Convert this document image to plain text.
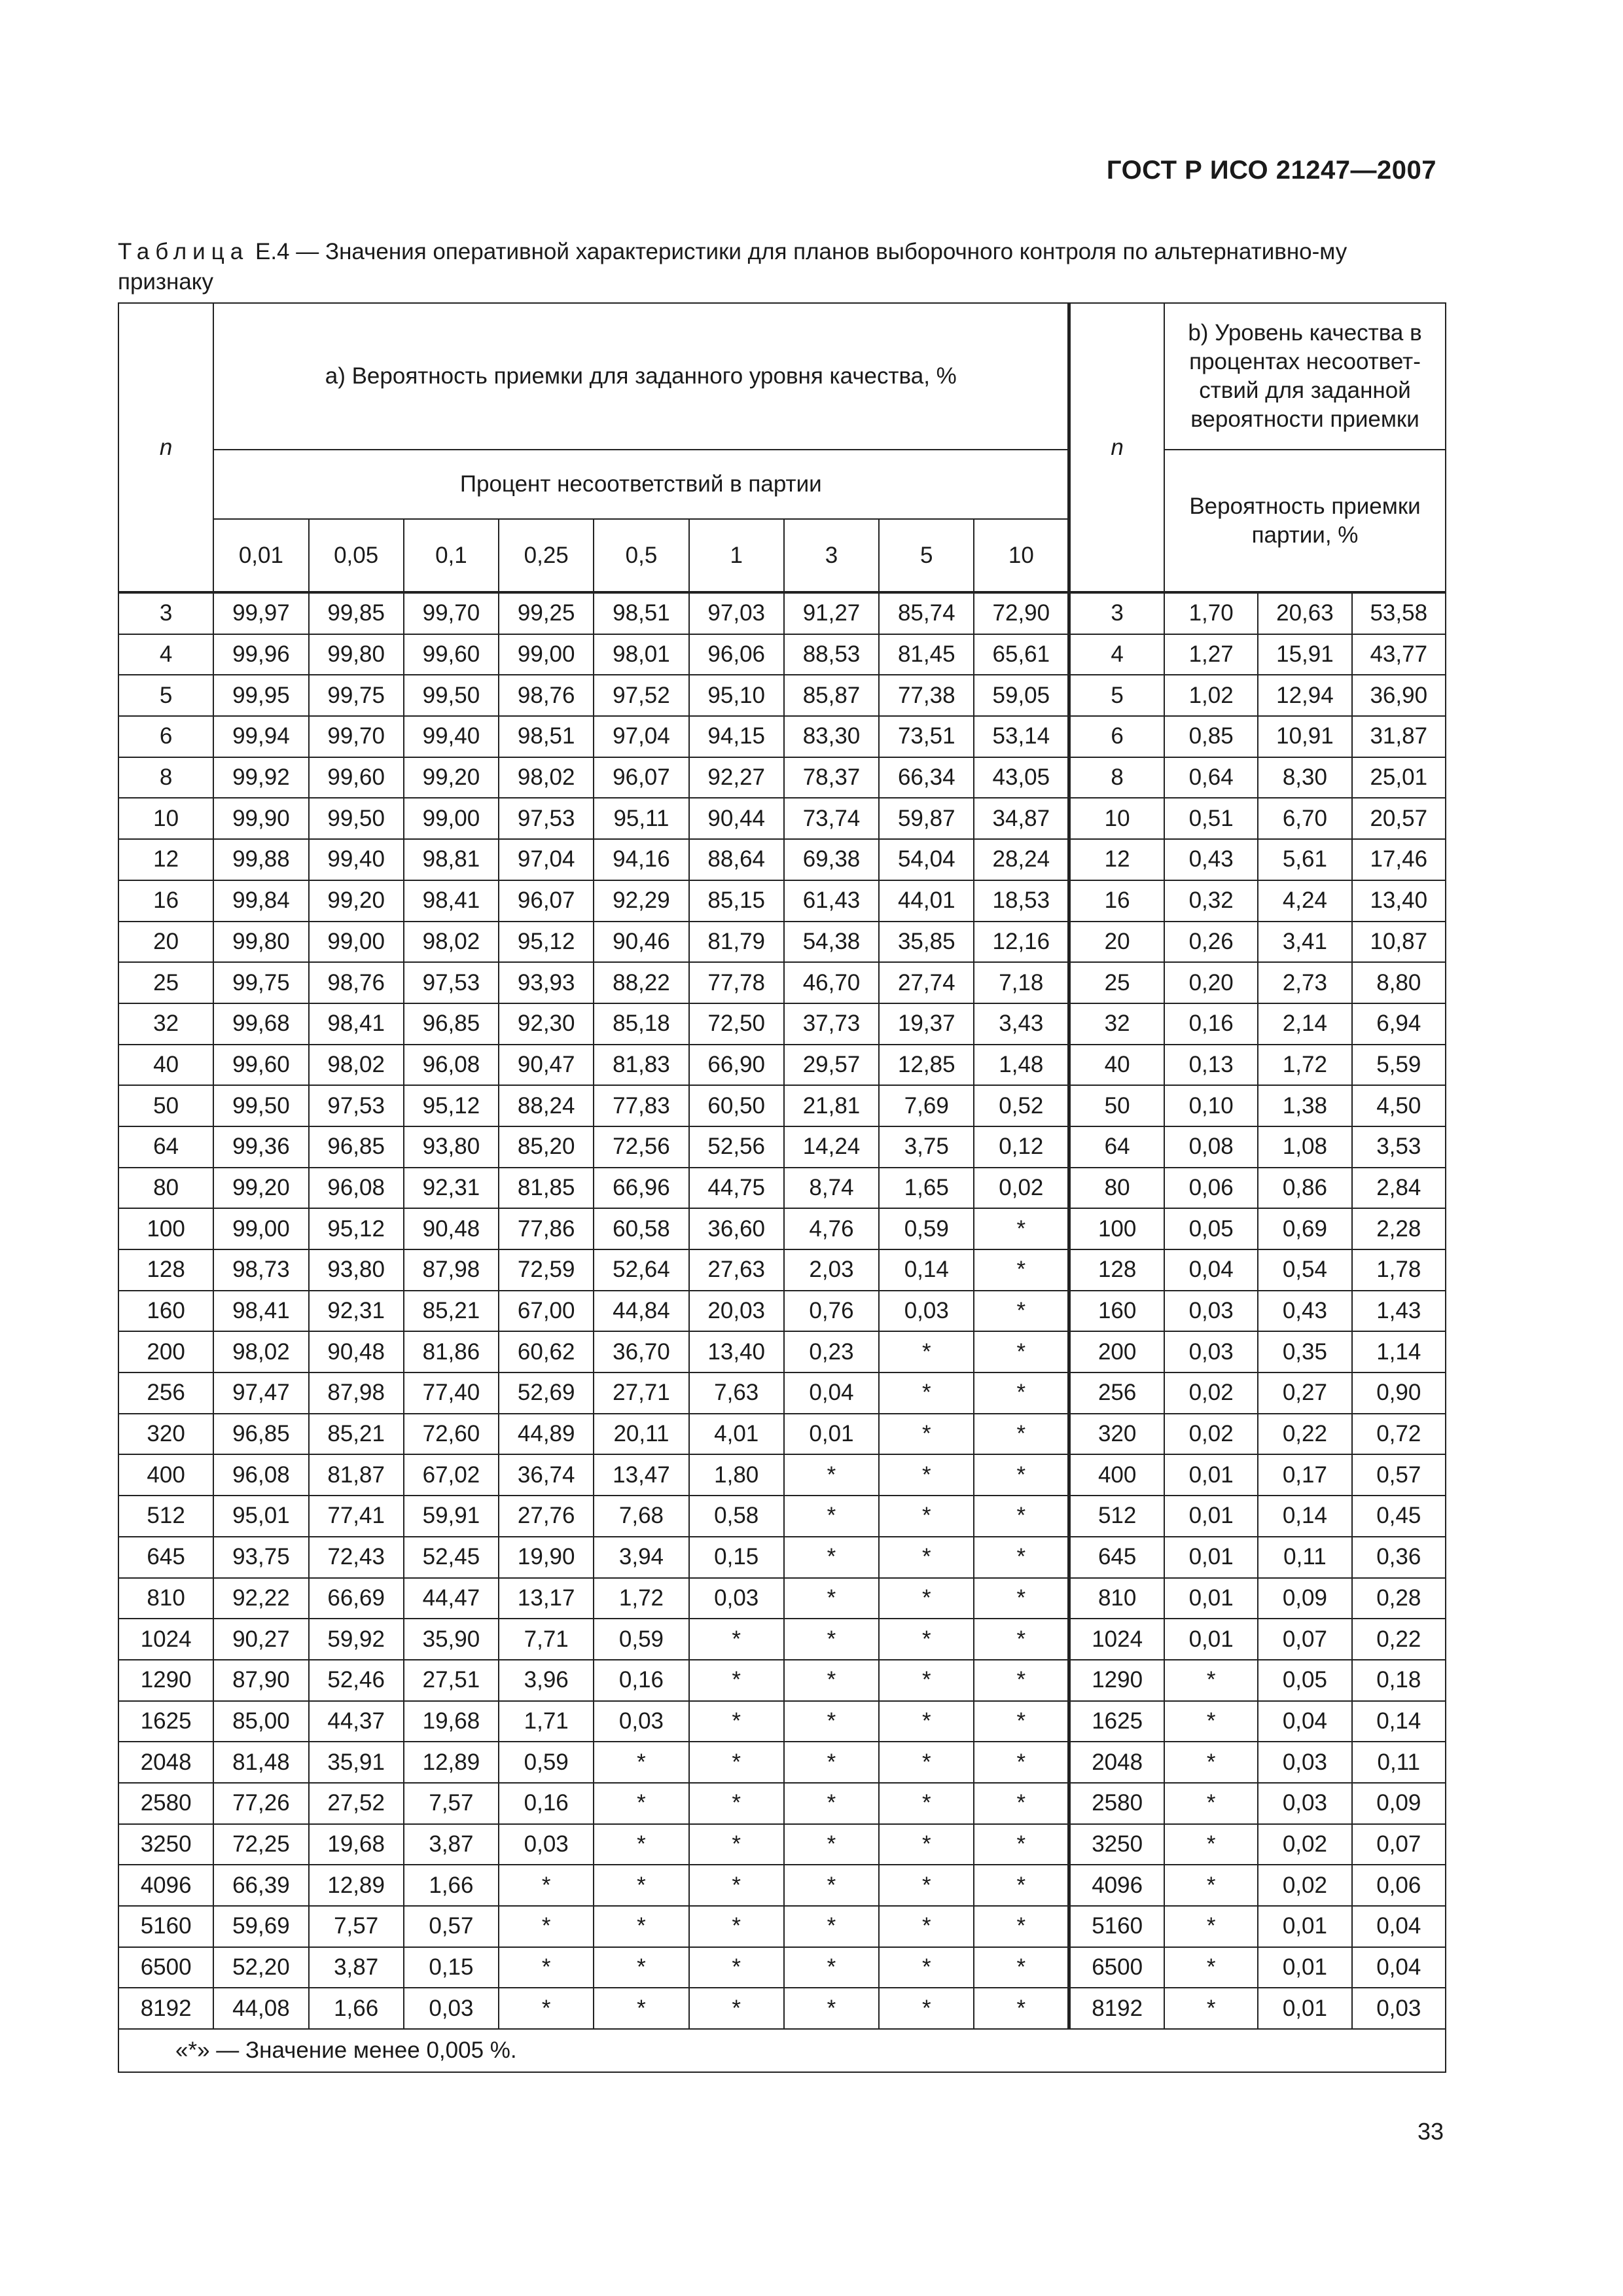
ГОСТ Р ИСО 21247—2007
Таблица Е.4 — Значения оперативной характеристики для планов выборочного контроля по альтернативно-му признаку
n	а) Вероятность приемки для заданного уровня качества, %									n	b) Уровень качества в процентах несоответ-ствий для заданной вероятности приемки		
	Процент несоответствий в партии										Вероятность приемки партии, %		
	0,01	0,05	0,1	0,25	0,5	1	3	5	10				
3	99,97	99,85	99,70	99,25	98,51	97,03	91,27	85,74	72,90	3	1,70	20,63	53,58
4	99,96	99,80	99,60	99,00	98,01	96,06	88,53	81,45	65,61	4	1,27	15,91	43,77
5	99,95	99,75	99,50	98,76	97,52	95,10	85,87	77,38	59,05	5	1,02	12,94	36,90
6	99,94	99,70	99,40	98,51	97,04	94,15	83,30	73,51	53,14	6	0,85	10,91	31,87
8	99,92	99,60	99,20	98,02	96,07	92,27	78,37	66,34	43,05	8	0,64	8,30	25,01
10	99,90	99,50	99,00	97,53	95,11	90,44	73,74	59,87	34,87	10	0,51	6,70	20,57
12	99,88	99,40	98,81	97,04	94,16	88,64	69,38	54,04	28,24	12	0,43	5,61	17,46
16	99,84	99,20	98,41	96,07	92,29	85,15	61,43	44,01	18,53	16	0,32	4,24	13,40
20	99,80	99,00	98,02	95,12	90,46	81,79	54,38	35,85	12,16	20	0,26	3,41	10,87
25	99,75	98,76	97,53	93,93	88,22	77,78	46,70	27,74	7,18	25	0,20	2,73	8,80
32	99,68	98,41	96,85	92,30	85,18	72,50	37,73	19,37	3,43	32	0,16	2,14	6,94
40	99,60	98,02	96,08	90,47	81,83	66,90	29,57	12,85	1,48	40	0,13	1,72	5,59
50	99,50	97,53	95,12	88,24	77,83	60,50	21,81	7,69	0,52	50	0,10	1,38	4,50
64	99,36	96,85	93,80	85,20	72,56	52,56	14,24	3,75	0,12	64	0,08	1,08	3,53
80	99,20	96,08	92,31	81,85	66,96	44,75	8,74	1,65	0,02	80	0,06	0,86	2,84
100	99,00	95,12	90,48	77,86	60,58	36,60	4,76	0,59	*	100	0,05	0,69	2,28
128	98,73	93,80	87,98	72,59	52,64	27,63	2,03	0,14	*	128	0,04	0,54	1,78
160	98,41	92,31	85,21	67,00	44,84	20,03	0,76	0,03	*	160	0,03	0,43	1,43
200	98,02	90,48	81,86	60,62	36,70	13,40	0,23	*	*	200	0,03	0,35	1,14
256	97,47	87,98	77,40	52,69	27,71	7,63	0,04	*	*	256	0,02	0,27	0,90
320	96,85	85,21	72,60	44,89	20,11	4,01	0,01	*	*	320	0,02	0,22	0,72
400	96,08	81,87	67,02	36,74	13,47	1,80	*	*	*	400	0,01	0,17	0,57
512	95,01	77,41	59,91	27,76	7,68	0,58	*	*	*	512	0,01	0,14	0,45
645	93,75	72,43	52,45	19,90	3,94	0,15	*	*	*	645	0,01	0,11	0,36
810	92,22	66,69	44,47	13,17	1,72	0,03	*	*	*	810	0,01	0,09	0,28
1024	90,27	59,92	35,90	7,71	0,59	*	*	*	*	1024	0,01	0,07	0,22
1290	87,90	52,46	27,51	3,96	0,16	*	*	*	*	1290	*	0,05	0,18
1625	85,00	44,37	19,68	1,71	0,03	*	*	*	*	1625	*	0,04	0,14
2048	81,48	35,91	12,89	0,59	*	*	*	*	*	2048	*	0,03	0,11
2580	77,26	27,52	7,57	0,16	*	*	*	*	*	2580	*	0,03	0,09
3250	72,25	19,68	3,87	0,03	*	*	*	*	*	3250	*	0,02	0,07
4096	66,39	12,89	1,66	*	*	*	*	*	*	4096	*	0,02	0,06
5160	59,69	7,57	0,57	*	*	*	*	*	*	5160	*	0,01	0,04
6500	52,20	3,87	0,15	*	*	*	*	*	*	6500	*	0,01	0,04
8192	44,08	1,66	0,03	*	*	*	*	*	*	8192	*	0,01	0,03
«*» — Значение менее 0,005 %.													
33
